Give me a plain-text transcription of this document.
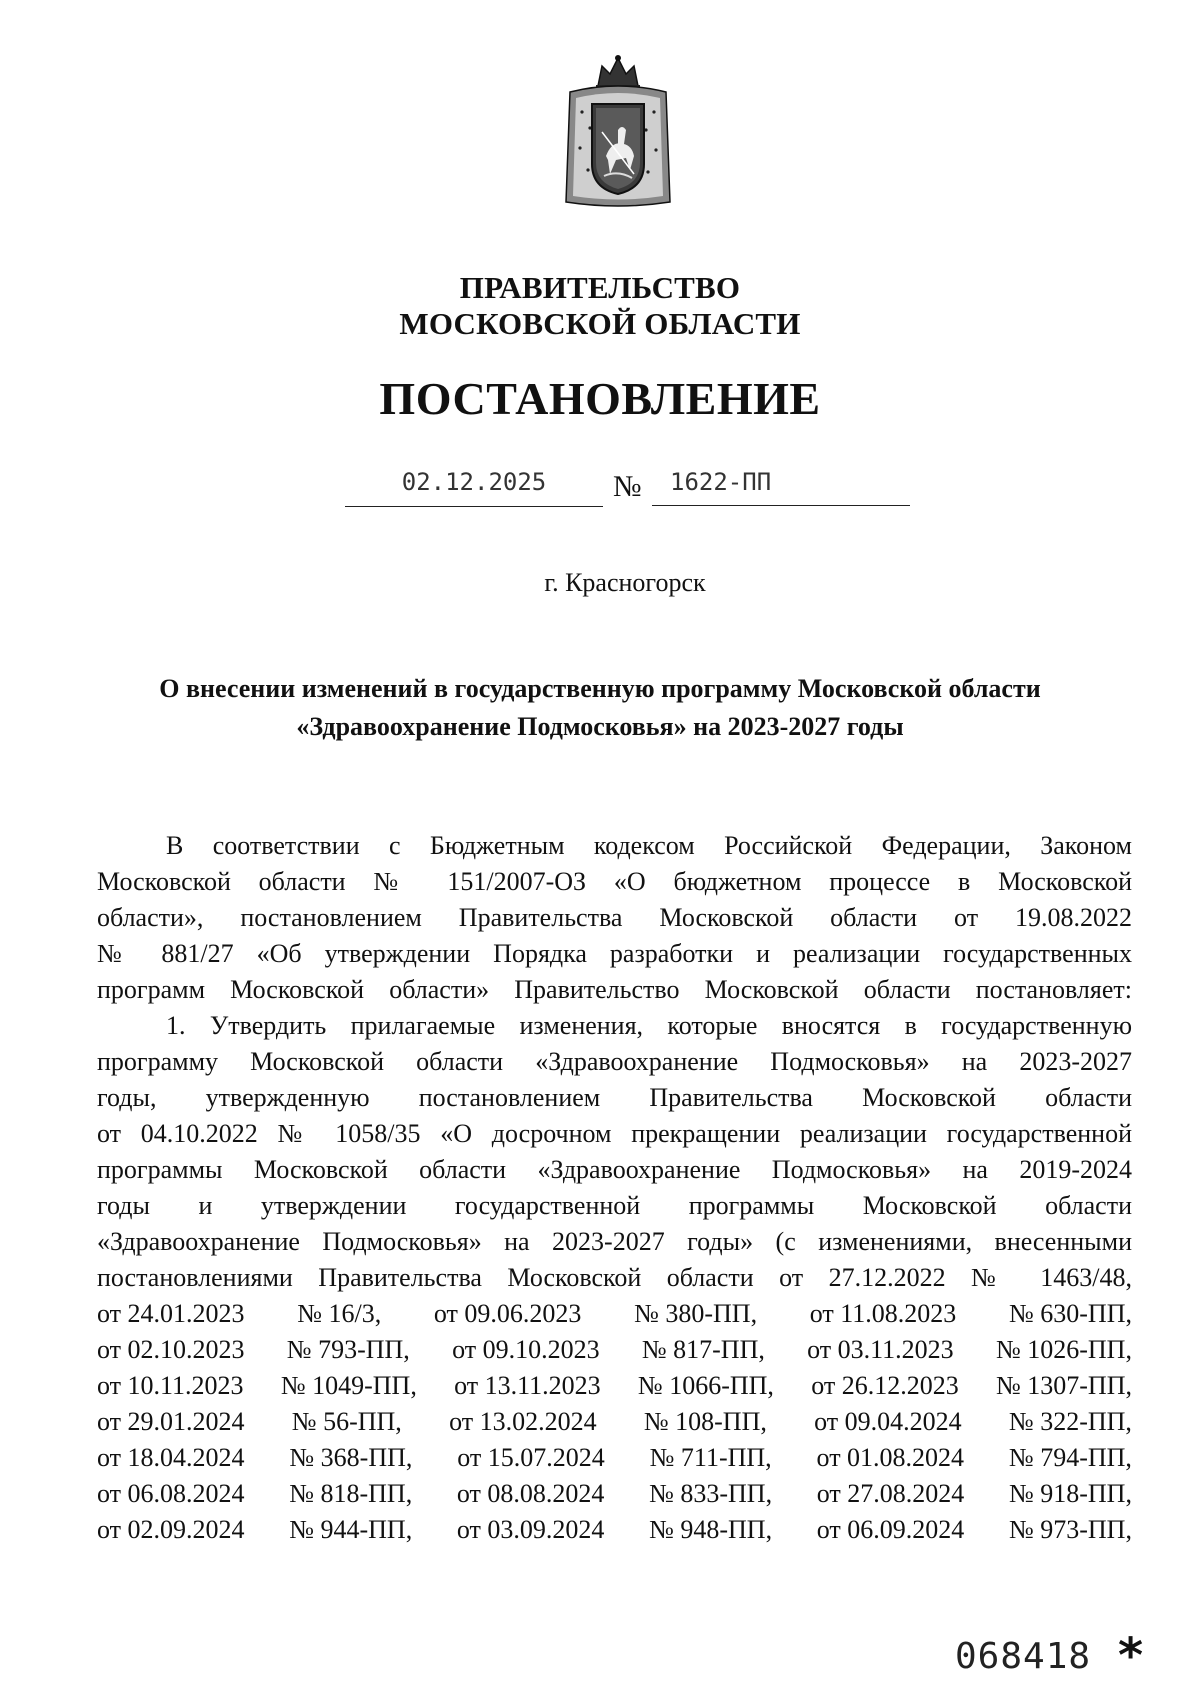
ПРАВИТЕЛЬСТВО
МОСКОВСКОЙ ОБЛАСТИ
ПОСТАНОВЛЕНИЕ
02.12.2025	№	1622-ПП
г. Красногорск
О внесении изменений в государственную программу Московской области
«Здравоохранение Подмосковья» на 2023-2027 годы

В соответствии с Бюджетным кодексом Российской Федерации, Законом
Московской области № 151/2007-ОЗ «О бюджетном процессе в Московской
области», постановлением Правительства Московской области от 19.08.2022
№ 881/27 «Об утверждении Порядка разработки и реализации государственных
программ Московской области» Правительство Московской области постановляет:

1. Утвердить прилагаемые изменения, которые вносятся в государственную
программу Московской области «Здравоохранение Подмосковья» на 2023-2027
годы, утвержденную постановлением Правительства Московской области
от 04.10.2022 № 1058/35 «О досрочном прекращении реализации государственной
программы Московской области «Здравоохранение Подмосковья» на 2019-2024
годы и утверждении государственной программы Московской области
«Здравоохранение Подмосковья» на 2023-2027 годы» (с изменениями, внесенными
постановлениями Правительства Московской области от 27.12.2022 № 1463/48,

от 24.01.2023 № 16/3, от 09.06.2023 № 380-ПП, от 11.08.2023 № 630-ПП,
от 02.10.2023 № 793-ПП, от 09.10.2023 № 817-ПП, от 03.11.2023 № 1026-ПП,
от 10.11.2023 № 1049-ПП, от 13.11.2023 № 1066-ПП, от 26.12.2023 № 1307-ПП,
от 29.01.2024 № 56-ПП, от 13.02.2024 № 108-ПП, от 09.04.2024 № 322-ПП,
от 18.04.2024 № 368-ПП, от 15.07.2024 № 711-ПП, от 01.08.2024 № 794-ПП,
от 06.08.2024 № 818-ПП, от 08.08.2024 № 833-ПП, от 27.08.2024 № 918-ПП,
от 02.09.2024 № 944-ПП, от 03.09.2024 № 948-ПП, от 06.09.2024 № 973-ПП,
068418 *
